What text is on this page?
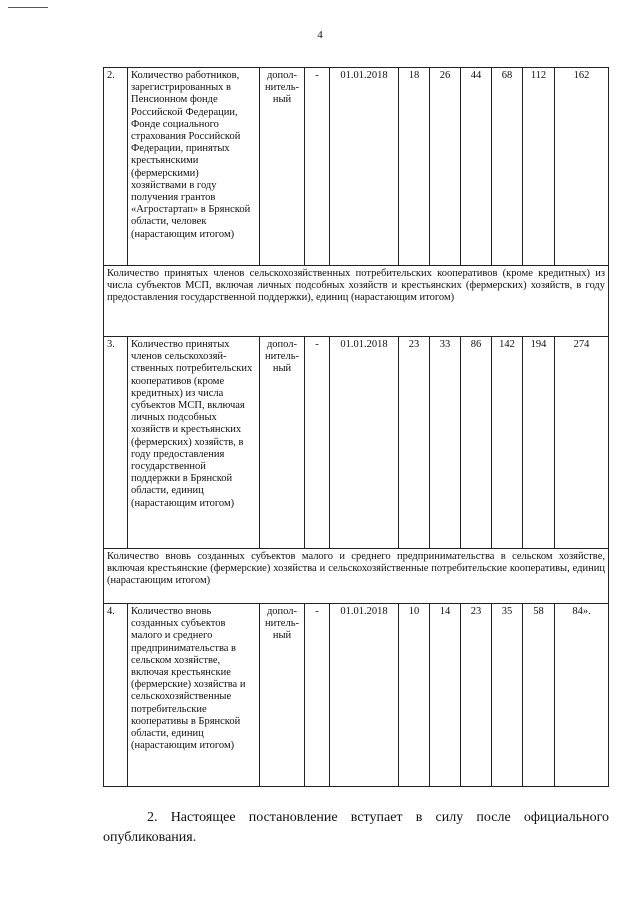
4
2.	Количество работников, зарегистрированных в Пенсионном фонде Российской Федерации, Фонде социального страхования Российской Федерации, принятых крестьянскими (фермерскими) хозяйствами в году получения грантов «Агростартап» в Брянской области, человек (нарастающим итогом)	дополнительный	-	01.01.2018	18	26	44	68	112	162
Количество принятых членов сельскохозяйственных потребительских кооперативов (кроме кредитных) из числа субъектов МСП, включая личных подсобных хозяйств и крестьянских (фермерских) хозяйств, в году предоставления государственной поддержки), единиц (нарастающим итогом)										
3.	Количество принятых членов сельскохозяйственных потребительских кооперативов (кроме кредитных) из числа субъектов МСП, включая личных подсобных хозяйств и крестьянских (фермерских) хозяйств, в году предоставления государственной поддержки в Брянской области, единиц (нарастающим итогом)	дополнительный	-	01.01.2018	23	33	86	142	194	274
Количество вновь созданных субъектов малого и среднего предпринимательства в сельском хозяйстве, включая крестьянские (фермерские) хозяйства и сельскохозяйственные потребительские кооперативы, единиц (нарастающим итогом)										
4.	Количество вновь созданных субъектов малого и среднего предпринимательства в сельском хозяйстве, включая крестьянские (фермерские) хозяйства и сельскохозяйственные потребительские кооперативы в Брянской области, единиц (нарастающим итогом)	дополнительный	-	01.01.2018	10	14	23	35	58	84».

2. Настоящее постановление вступает в силу после официального опубликования.
